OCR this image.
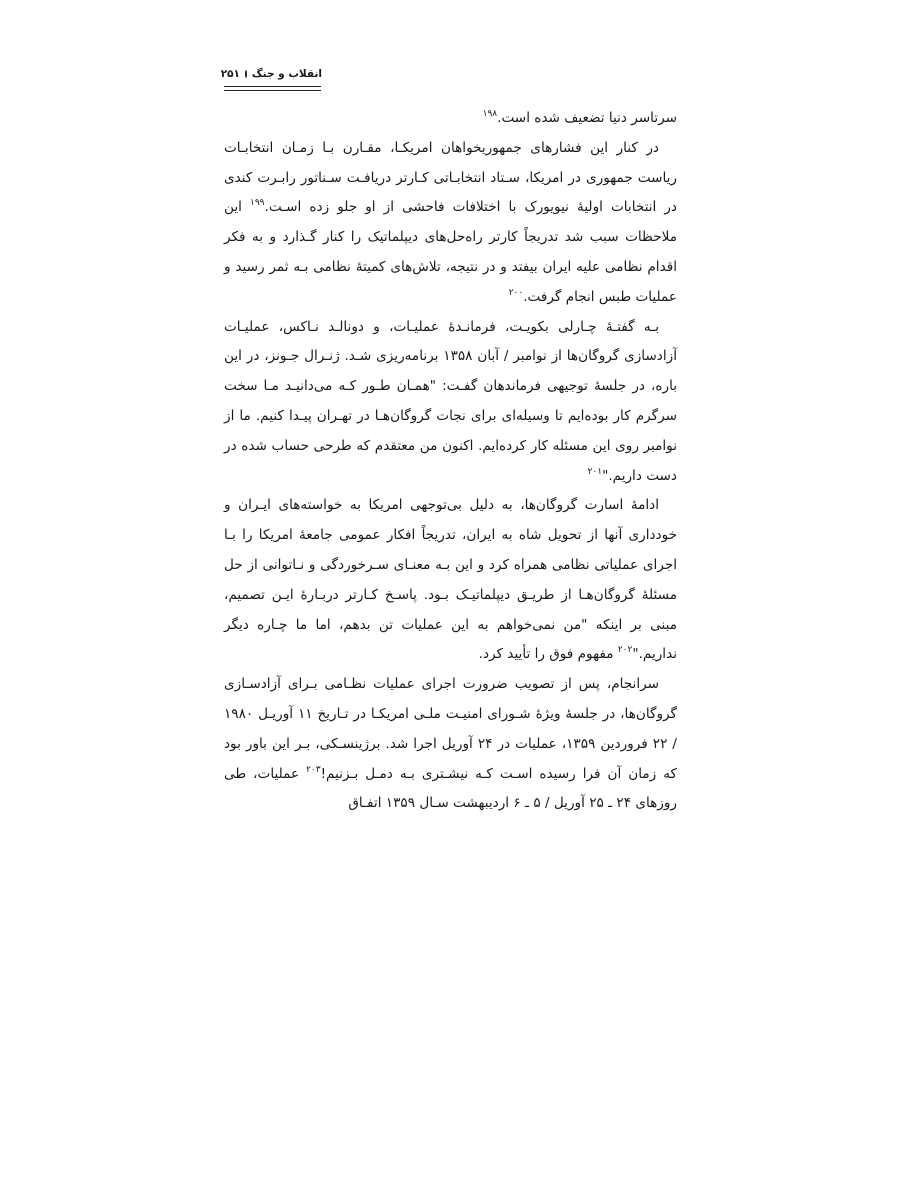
انقلاب و جنگ
۲۵۱

سرتاسر دنیا تضعیف شده است.$^{۱۹۸}$

در کنار این فشارهای جمهوریخواهان امریکـا، مقـارن بـا زمـان انتخابـات ریاست جمهوری در امریکا، سـتاد انتخابـاتی کـارتر دریافـت سـناتور رابـرت کندی در انتخابات اولیهٔ نیویورک با اختلافات فاحشی از او جلو زده اسـت.$^{۱۹۹}$ این ملاحظات سبب شد تدریجاً کارتر راه‌حل‌های دیپلماتیک را کنار گـذارد و به فکر اقدام نظامی علیه ایران بیفتد و در نتیجه، تلاش‌های کمیتهٔ نظامی بـه ثمر رسید و عملیات طبس انجام گرفت.$^{۲۰۰}$

بـه گفتـهٔ چـارلی بکویـت، فرمانـدهٔ عملیـات، و دونالـد نـاکس، عملیـات آزادسازی گروگان‌ها از نوامبر / آبان ۱۳۵۸ برنامه‌ریزی شـد. ژنـرال جـونز، در این باره، در جلسهٔ توجیهی فرماندهان گفـت: "همـان طـور کـه می‌دانیـد مـا سخت سرگرم کار بوده‌ایم تا وسیله‌ای برای نجات گروگان‌هـا در تهـران پیـدا کنیم. ما از نوامبر روی این مسئله کار کرده‌ایم. اکنون من معتقدم که طرحی حساب شده در دست داریم."$^{۲۰۱}$

ادامهٔ اسارت گروگان‌ها، به دلیل بی‌توجهی امریکا به خواسته‌های ایـران و خودداری آنها از تحویل شاه به ایران، تدریجاً افکار عمومی جامعهٔ امریکا را بـا اجرای عملیاتی نظامی همراه کرد و این بـه معنـای سـرخوردگی و نـاتوانی از حل مسئلهٔ گروگان‌هـا از طریـق دیپلماتیـک بـود. پاسـخ کـارتر دربـارهٔ ایـن تصمیم، مبنی بر اینکه "من نمی‌خواهم به این عملیات تن بدهم، اما ما چـاره دیگر نداریم."$^{۲۰۲}$ مفهوم فوق را تأیید کرد.

سرانجام، پس از تصویب ضرورت اجرای عملیات نظـامی بـرای آزادسـازی گروگان‌ها، در جلسهٔ ویژهٔ شـورای امنیـت ملـی امریکـا در تـاریخ ۱۱ آوریـل ۱۹۸۰ / ۲۲ فروردین ۱۳۵۹، عملیات در ۲۴ آوریل اجرا شد. برژینسـکی، بـر این باور بود که زمان آن فرا رسیده اسـت کـه نیشـتری بـه دمـل بـزنیم!$^{۲۰۳}$ عملیات، طی روزهای ۲۴ ـ ۲۵ آوریل / ۵ ـ ۶ اردیبهشت سـال ۱۳۵۹ اتفـاق
